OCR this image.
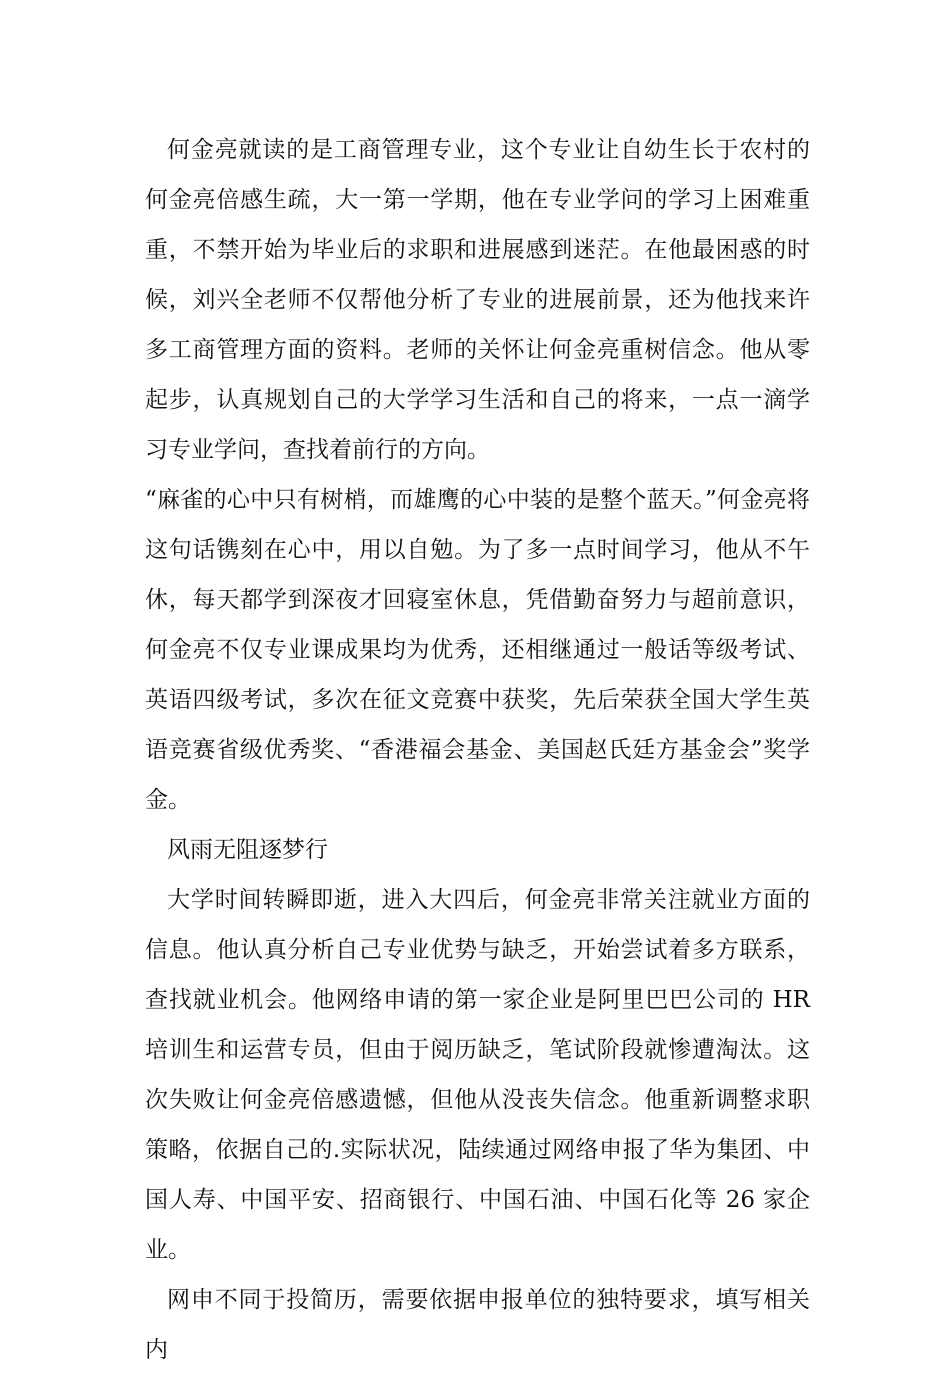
何金亮就读的是工商管理专业，这个专业让自幼生长于农村的何金亮倍感生疏，大一第一学期，他在专业学问的学习上困难重重，不禁开始为毕业后的求职和进展感到迷茫。在他最困惑的时候，刘兴全老师不仅帮他分析了专业的进展前景，还为他找来许多工商管理方面的资料。老师的关怀让何金亮重树信念。他从零起步，认真规划自己的大学学习生活和自己的将来，一点一滴学习专业学问，查找着前行的方向。

“麻雀的心中只有树梢，而雄鹰的心中装的是整个蓝天。”何金亮将这句话镌刻在心中，用以自勉。为了多一点时间学习，他从不午休，每天都学到深夜才回寝室休息，凭借勤奋努力与超前意识，何金亮不仅专业课成果均为优秀，还相继通过一般话等级考试、英语四级考试，多次在征文竞赛中获奖，先后荣获全国大学生英语竞赛省级优秀奖、“香港福会基金、美国赵氏廷方基金会”奖学金。

风雨无阻逐梦行

大学时间转瞬即逝，进入大四后，何金亮非常关注就业方面的信息。他认真分析自己专业优势与缺乏，开始尝试着多方联系，查找就业机会。他网络申请的第一家企业是阿里巴巴公司的 HR 培训生和运营专员，但由于阅历缺乏，笔试阶段就惨遭淘汰。这次失败让何金亮倍感遗憾，但他从没丧失信念。他重新调整求职策略，依据自己的.实际状况，陆续通过网络申报了华为集团、中国人寿、中国平安、招商银行、中国石油、中国石化等 26 家企业。

网申不同于投简历，需要依据申报单位的独特要求，填写相关内
